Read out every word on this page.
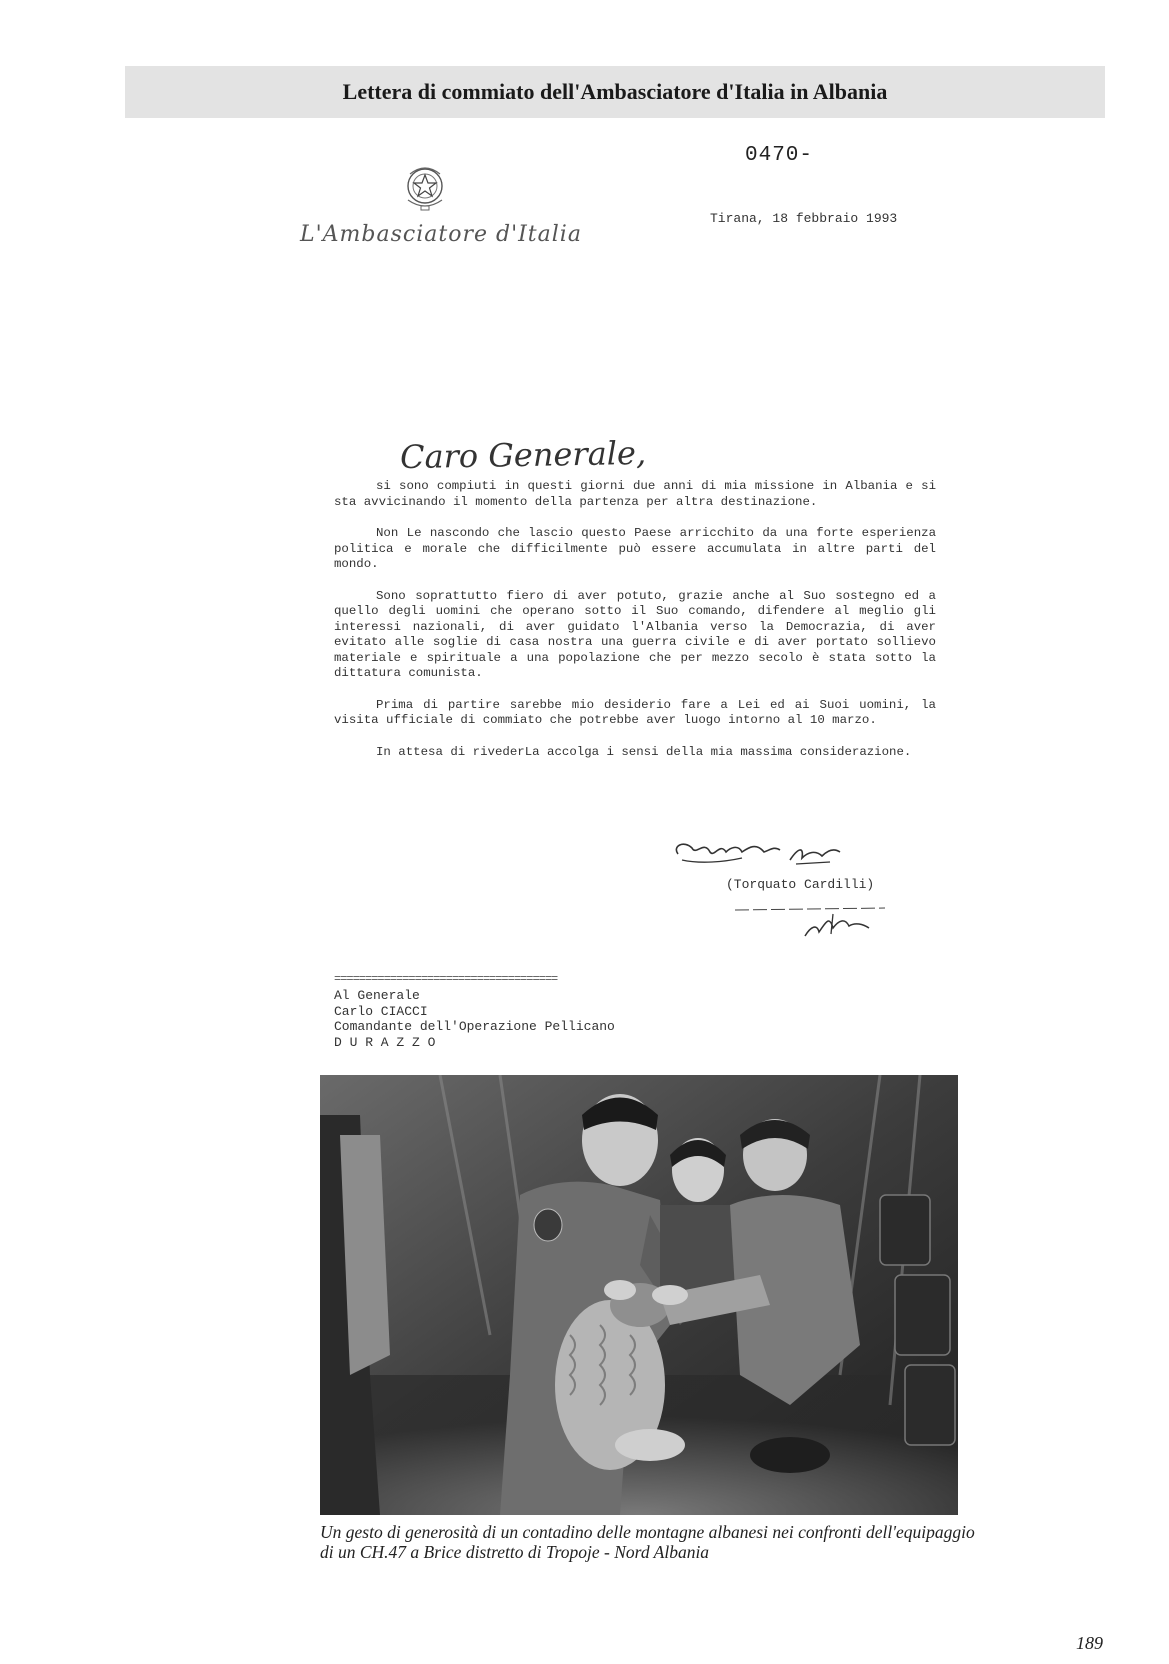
Lettera di commiato dell'Ambasciatore d'Italia in Albania
0470-
L'Ambasciatore d'Italia
Tirana, 18 febbraio 1993
Caro Generale,

si sono compiuti in questi giorni due anni di mia missione in Albania e si sta avvicinando il momento della partenza per altra destinazione.

Non Le nascondo che lascio questo Paese arricchito da una forte esperienza politica e morale che difficilmente può essere accumulata in altre parti del mondo.

Sono soprattutto fiero di aver potuto, grazie anche al Suo sostegno ed a quello degli uomini che operano sotto il Suo comando, difendere al meglio gli interessi nazionali, di aver guidato l'Albania verso la Democrazia, di aver evitato alle soglie di casa nostra una guerra civile e di aver portato sollievo materiale e spirituale a una popolazione che per mezzo secolo è stata sotto la dittatura comunista.

Prima di partire sarebbe mio desiderio fare a Lei ed ai Suoi uomini, la visita ufficiale di commiato che potrebbe aver luogo intorno al 10 marzo.

In attesa di rivederLa accolga i sensi della mia massima considerazione.

(Torquato Cardilli)
====================================
Al Generale
Carlo CIACCI
Comandante dell'Operazione Pellicano
D U R A Z Z O
Un gesto di generosità di un contadino delle montagne albanesi nei confronti dell'equipaggio di un CH.47 a Brice distretto di Tropoje - Nord Albania
189
